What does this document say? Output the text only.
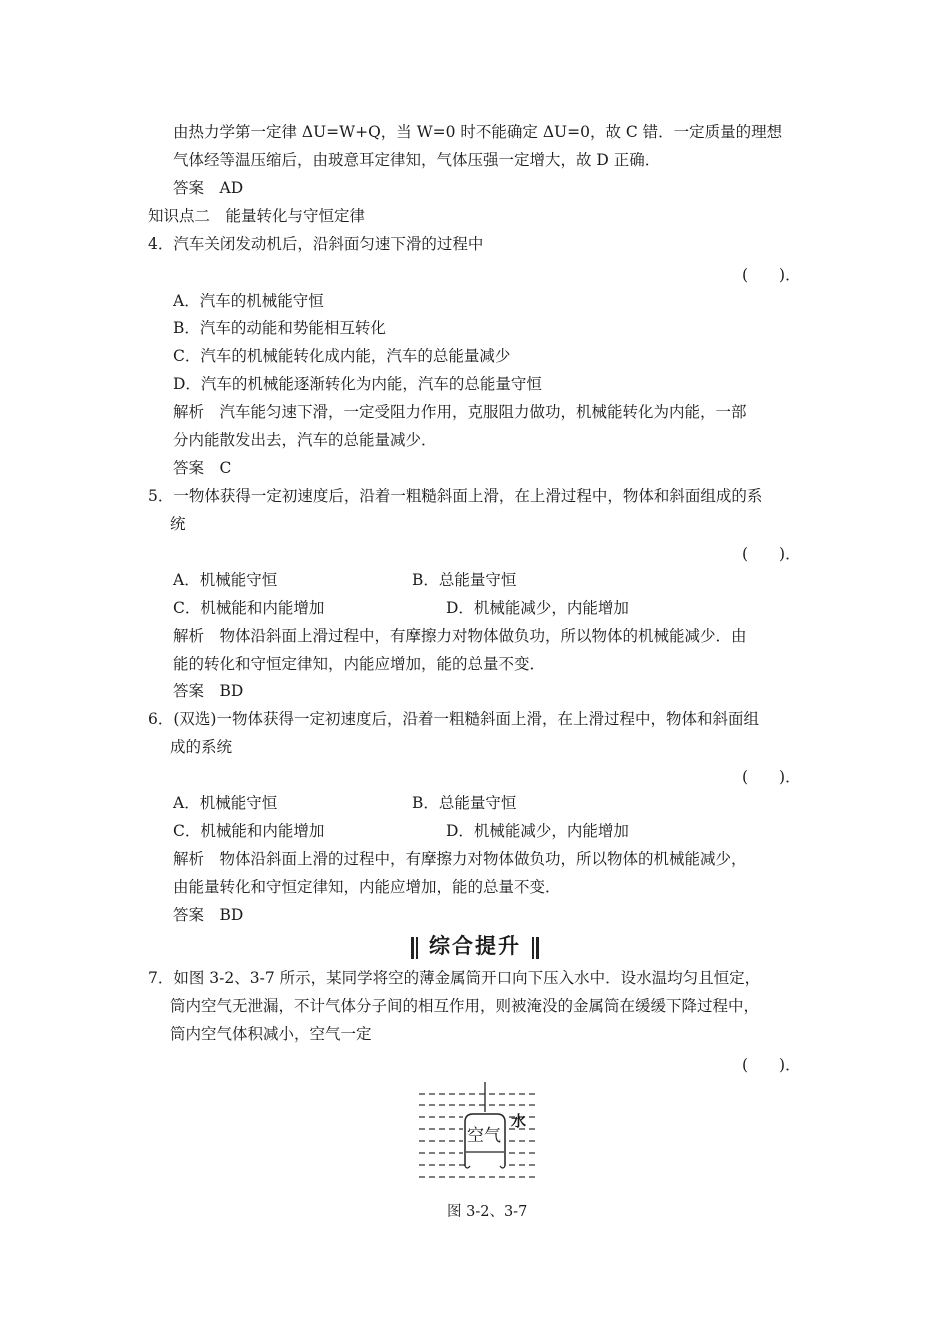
由热力学第一定律 ΔU=W+Q，当 W=0 时不能确定 ΔU=0，故 C 错．一定质量的理想
气体经等温压缩后，由玻意耳定律知，气体压强一定增大，故 D 正确．
答案　AD
知识点二　能量转化与守恒定律
4．汽车关闭发动机后，沿斜面匀速下滑的过程中
(　　)．
A．汽车的机械能守恒
B．汽车的动能和势能相互转化
C．汽车的机械能转化成内能，汽车的总能量减少
D．汽车的机械能逐渐转化为内能，汽车的总能量守恒
解析　汽车能匀速下滑，一定受阻力作用，克服阻力做功，机械能转化为内能，一部
分内能散发出去，汽车的总能量减少．
答案　C
5．一物体获得一定初速度后，沿着一粗糙斜面上滑，在上滑过程中，物体和斜面组成的系
统
(　　)．
A．机械能守恒	B．总能量守恒
C．机械能和内能增加	D．机械能减少，内能增加
解析　物体沿斜面上滑过程中，有摩擦力对物体做负功，所以物体的机械能减少．由
能的转化和守恒定律知，内能应增加，能的总量不变．
答案　BD
6．(双选)一物体获得一定初速度后，沿着一粗糙斜面上滑，在上滑过程中，物体和斜面组
成的系统
(　　)．
A．机械能守恒	B．总能量守恒
C．机械能和内能增加	D．机械能减少，内能增加
解析　物体沿斜面上滑的过程中，有摩擦力对物体做负功，所以物体的机械能减少，
由能量转化和守恒定律知，内能应增加，能的总量不变．
答案　BD
综合提升
7．如图 3-2、3-7 所示，某同学将空的薄金属筒开口向下压入水中．设水温均匀且恒定，
筒内空气无泄漏，不计气体分子间的相互作用，则被淹没的金属筒在缓缓下降过程中，
筒内空气体积减小，空气一定
(　　)．
空气
水
图 3-2、3-7
